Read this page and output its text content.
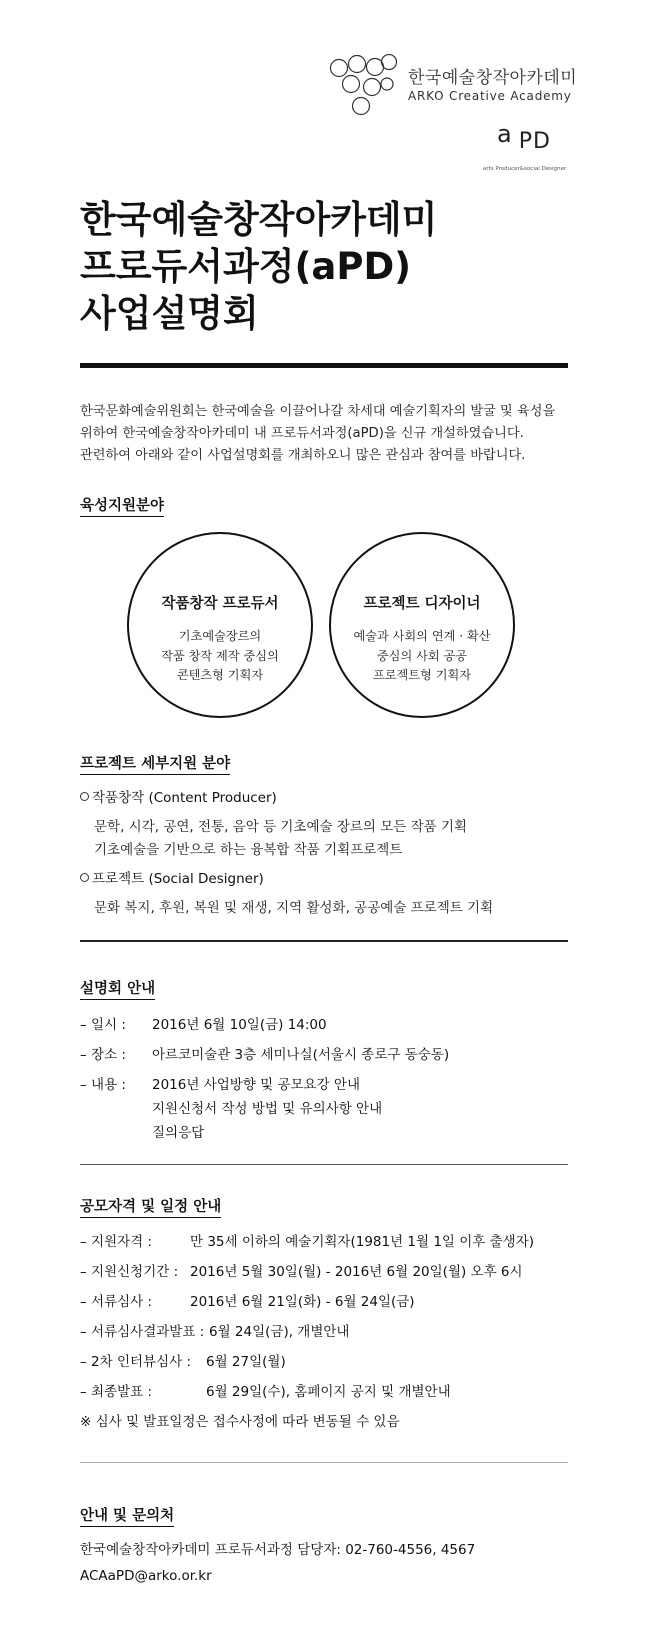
한국예술창작아카데미
ARKO Creative Academy
a PD
arts Producer&social Designer
한국예술창작아카데미
프로듀서과정(aPD)
사업설명회
한국문화예술위원회는 한국예술을 이끌어나갈 차세대 예술기획자의 발굴 및 육성을
위하여 한국예술창작아카데미 내 프로듀서과정(aPD)을 신규 개설하였습니다.
관련하여 아래와 같이 사업설명회를 개최하오니 많은 관심과 참여를 바랍니다.
육성지원분야
작품창작 프로듀서
기초예술장르의
작품 창작 제작 중심의
콘텐츠형 기획자
프로젝트 디자이너
예술과 사회의 연계 · 확산
중심의 사회 공공
프로젝트형 기획자
프로젝트 세부지원 분야
작품창작 (Content Producer)
문학, 시각, 공연, 전통, 음악 등 기초예술 장르의 모든 작품 기획
기초예술을 기반으로 하는 융복합 작품 기획프로젝트
프로젝트 (Social Designer)
문화 복지, 후원, 복원 및 재생, 지역 활성화, 공공예술 프로젝트 기획
설명회 안내
– 일시 : 2016년 6월 10일(금) 14:00
– 장소 : 아르코미술관 3층 세미나실(서울시 종로구 동숭동)
– 내용 : 2016년 사업방향 및 공모요강 안내
지원신청서 작성 방법 및 유의사항 안내
질의응답
공모자격 및 일정 안내
– 지원자격 :	만 35세 이하의 예술기획자(1981년 1월 1일 이후 출생자)
– 지원신청기간 : 2016년 5월 30일(월) - 2016년 6월 20일(월) 오후 6시
– 서류심사 :	2016년 6월 21일(화) - 6월 24일(금)
– 서류심사결과발표 : 6월 24일(금), 개별안내
– 2차 인터뷰심사 : 6월 27일(월)
– 최종발표 :	6월 29일(수), 홈페이지 공지 및 개별안내
※ 심사 및 발표일정은 접수사정에 따라 변동될 수 있음
안내 및 문의처
한국예술창작아카데미 프로듀서과정 담당자: 02-760-4556, 4567
ACAaPD@arko.or.kr
